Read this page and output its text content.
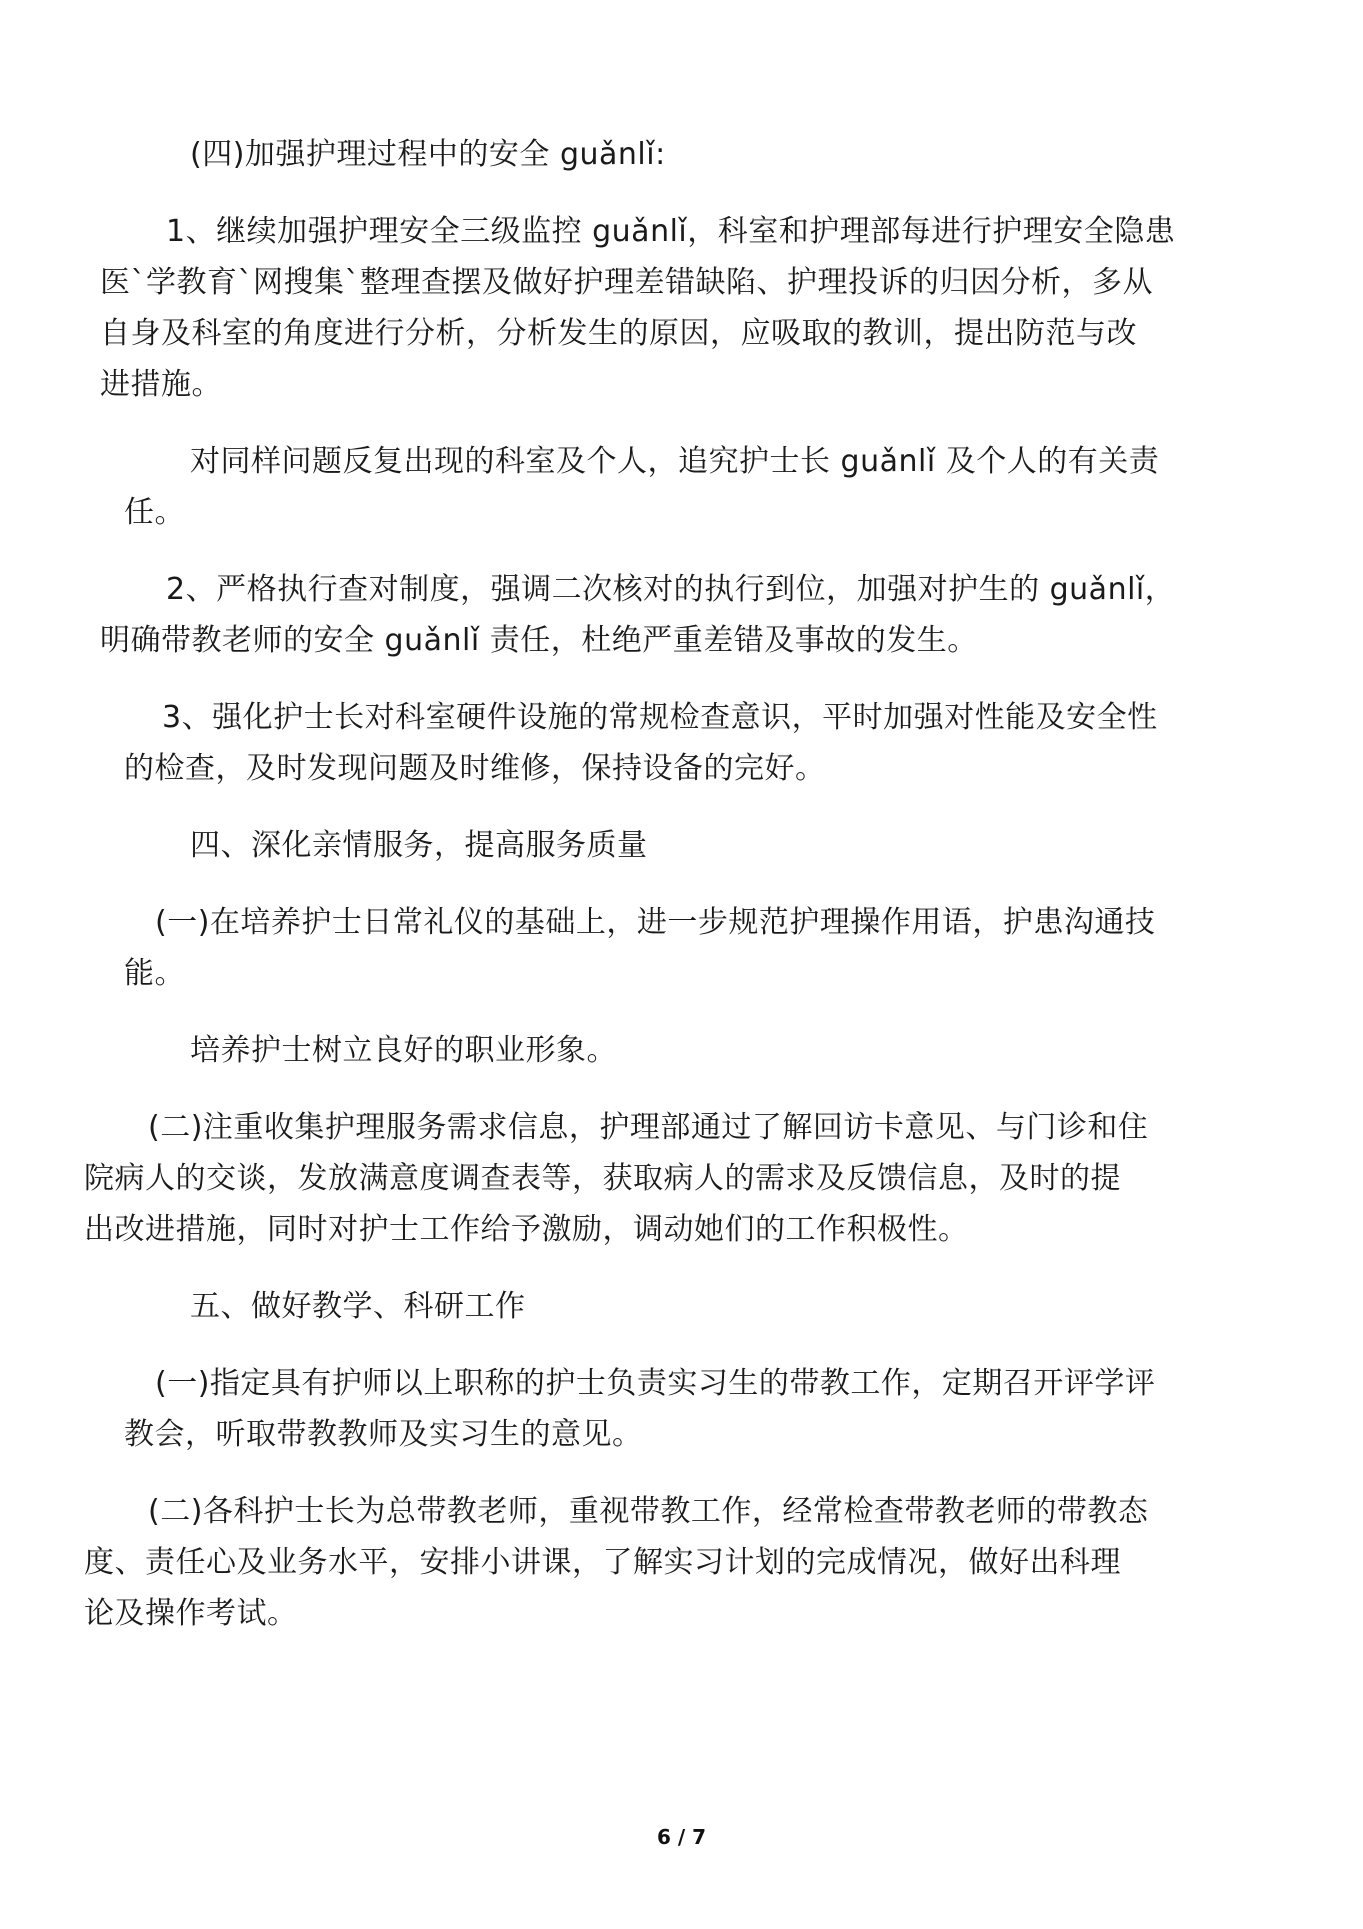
(四)加强护理过程中的安全 guǎnlǐ:
1、继续加强护理安全三级监控 guǎnlǐ，科室和护理部每进行护理安全隐患
医`学教育`网搜集`整理查摆及做好护理差错缺陷、护理投诉的归因分析，多从
自身及科室的角度进行分析，分析发生的原因，应吸取的教训，提出防范与改
进措施。
对同样问题反复出现的科室及个人，追究护士长 guǎnlǐ 及个人的有关责
任。
2、严格执行查对制度，强调二次核对的执行到位，加强对护生的 guǎnlǐ，
明确带教老师的安全 guǎnlǐ 责任，杜绝严重差错及事故的发生。
3、强化护士长对科室硬件设施的常规检查意识，平时加强对性能及安全性
的检查，及时发现问题及时维修，保持设备的完好。
四、深化亲情服务，提高服务质量
(一)在培养护士日常礼仪的基础上，进一步规范护理操作用语，护患沟通技
能。
培养护士树立良好的职业形象。
(二)注重收集护理服务需求信息，护理部通过了解回访卡意见、与门诊和住
院病人的交谈，发放满意度调查表等，获取病人的需求及反馈信息，及时的提
出改进措施，同时对护士工作给予激励，调动她们的工作积极性。
五、做好教学、科研工作
(一)指定具有护师以上职称的护士负责实习生的带教工作，定期召开评学评
教会，听取带教教师及实习生的意见。
(二)各科护士长为总带教老师，重视带教工作，经常检查带教老师的带教态
度、责任心及业务水平，安排小讲课，了解实习计划的完成情况，做好出科理
论及操作考试。
6 / 7
